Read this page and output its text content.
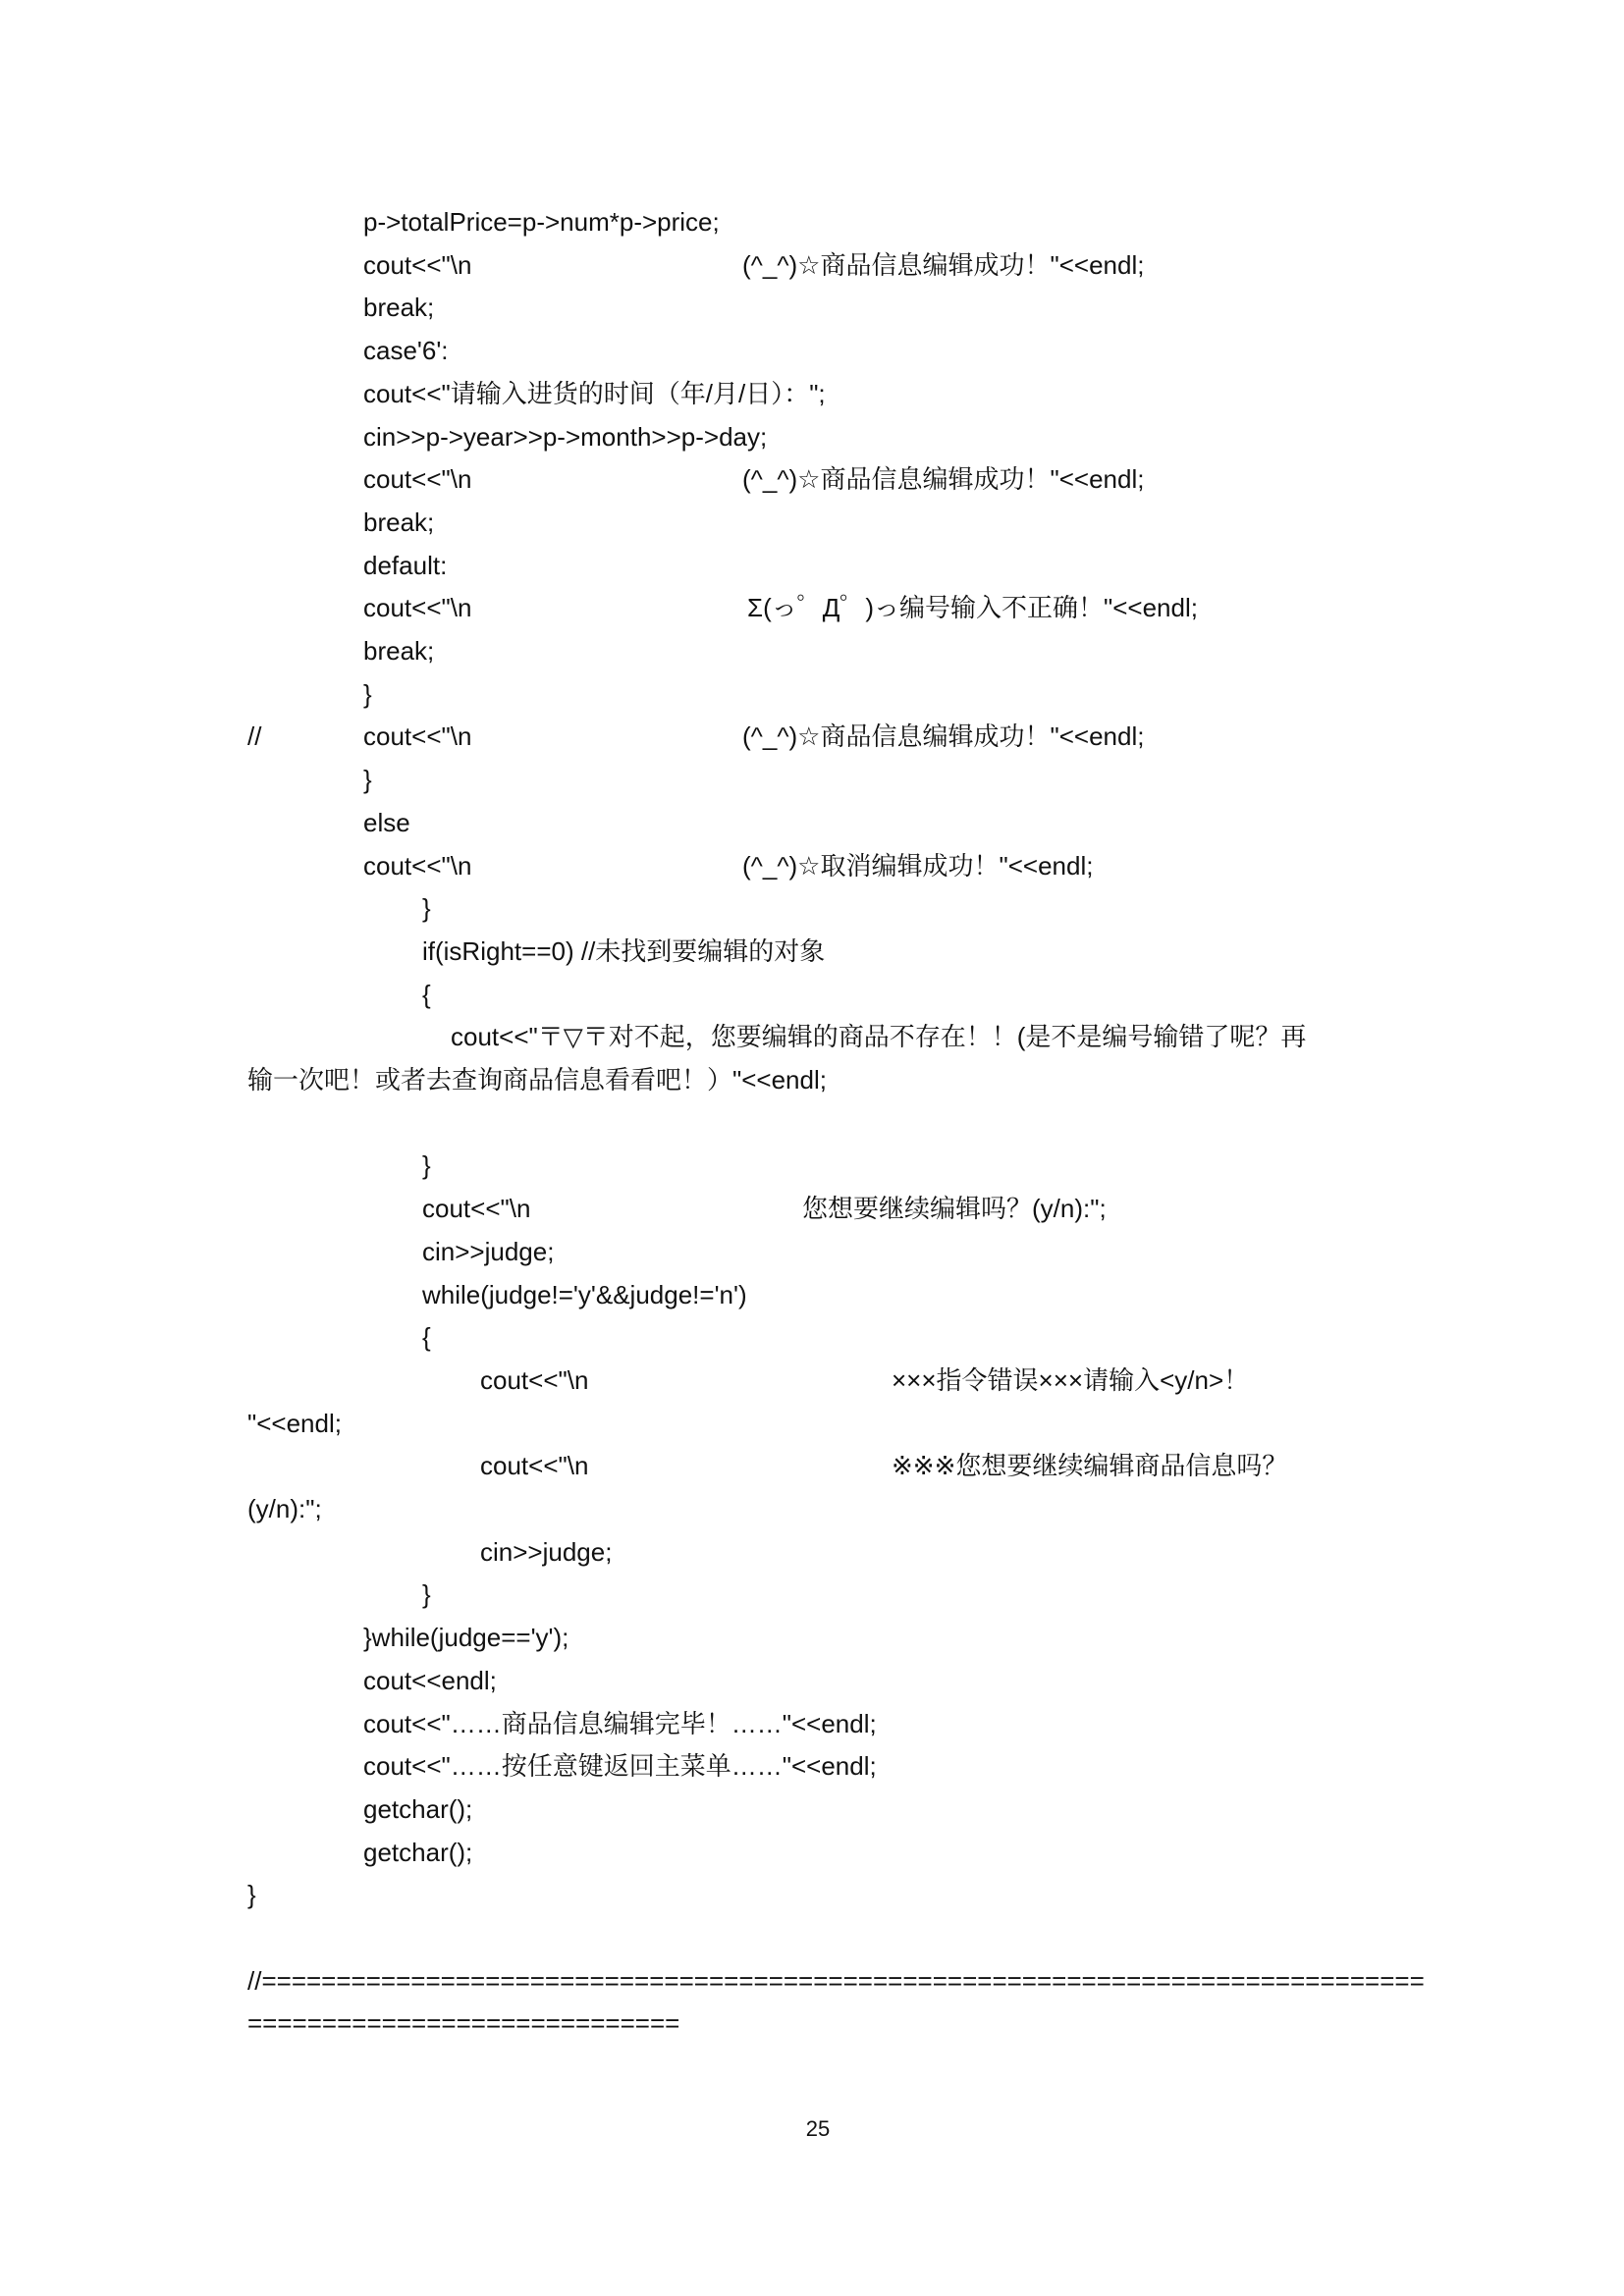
p->totalPrice=p->num*p->price;
cout<<"\n	(^_^)☆商品信息编辑成功！"<<endl;
break;
case'6':
cout<<"请输入进货的时间（年/月/日）：";
cin>>p->year>>p->month>>p->day;
cout<<"\n	(^_^)☆商品信息编辑成功！"<<endl;
break;
default:
cout<<"\n	Σ(っ゜Д゜)っ编号输入不正确！"<<endl;
break;
}
//	cout<<"\n	(^_^)☆商品信息编辑成功！"<<endl;
}
else
cout<<"\n	(^_^)☆取消编辑成功！"<<endl;
}
if(isRight==0) //未找到要编辑的对象
{
cout<<"〒▽〒对不起，您要编辑的商品不存在！！(是不是编号输错了呢？再
输一次吧！或者去查询商品信息看看吧！）"<<endl;
}
cout<<"\n	您想要继续编辑吗？(y/n):";
cin>>judge;
while(judge!='y'&&judge!='n')
{
cout<<"\n	×××指令错误×××请输入<y/n>！
"<<endl;
cout<<"\n	※※※您想要继续编辑商品信息吗？
(y/n):";
cin>>judge;
}
}while(judge=='y');
cout<<endl;
cout<<"……商品信息编辑完毕！……"<<endl;
cout<<"……按任意键返回主菜单……"<<endl;
getchar();
getchar();
}
//==============================================================================
=============================
25
